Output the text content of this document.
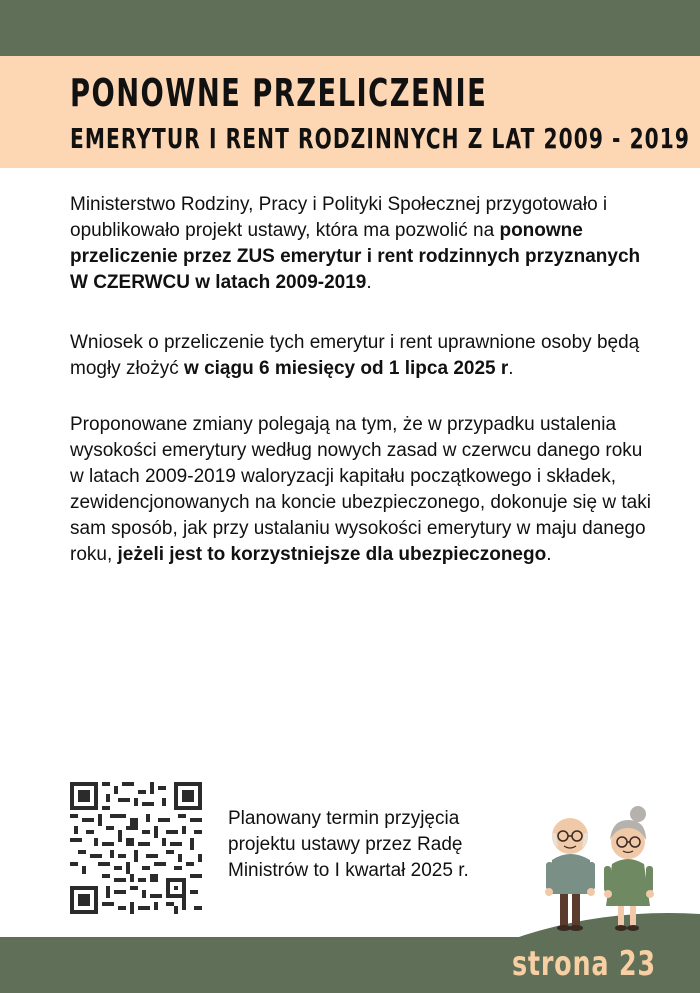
PONOWNE PRZELICZENIE
EMERYTUR I RENT RODZINNYCH Z LAT 2009 - 2019
Ministerstwo Rodziny, Pracy i Polityki Społecznej przygotowało i opublikowało projekt ustawy, która ma pozwolić na ponowne przeliczenie przez ZUS emerytur i rent rodzinnych przyznanych W CZERWCU w latach 2009-2019.
Wniosek o przeliczenie tych emerytur i rent uprawnione osoby będą mogły złożyć w ciągu 6 miesięcy od 1 lipca 2025 r.
Proponowane zmiany polegają na tym, że w przypadku ustalenia wysokości emerytury według nowych zasad w czerwcu danego roku w latach 2009-2019 waloryzacji kapitału początkowego i składek, zewidencjonowanych na koncie ubezpieczonego, dokonuje się w taki sam sposób, jak przy ustalaniu wysokości emerytury w maju danego roku, jeżeli jest to korzystniejsze dla ubezpieczonego.
Planowany termin przyjęcia projektu ustawy przez Radę Ministrów to I kwartał 2025 r.
strona 23
